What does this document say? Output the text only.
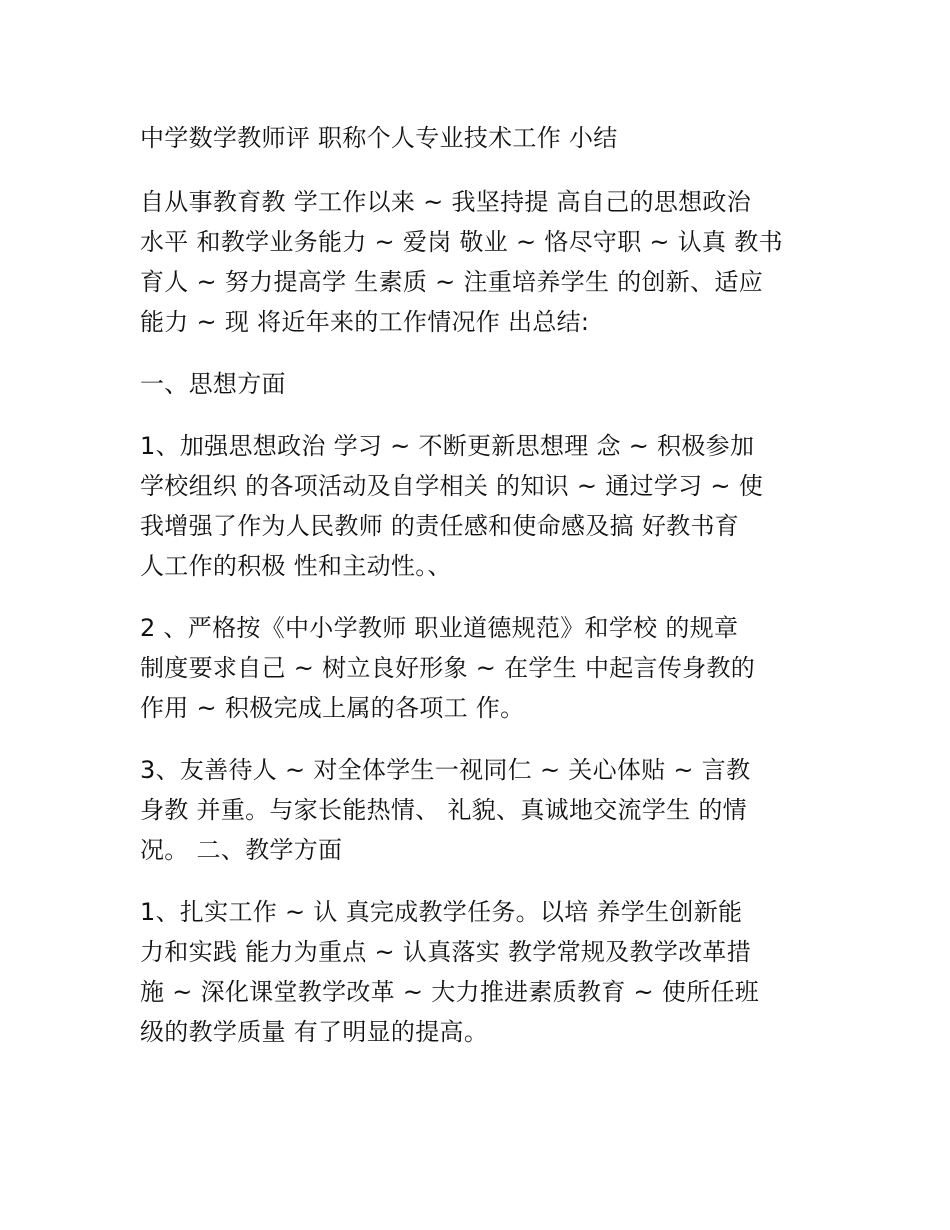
中学数学教师评 职称个人专业技术工作 小结
自从事教育教 学工作以来 ~ 我坚持提 高自己的思想政治
水平 和教学业务能力 ~ 爱岗 敬业 ~ 恪尽守职 ~ 认真 教书
育人 ~ 努力提高学 生素质 ~ 注重培养学生 的创新、适应
能力 ~ 现 将近年来的工作情况作 出总结:
一、思想方面
1、加强思想政治 学习 ~ 不断更新思想理 念 ~ 积极参加
学校组织 的各项活动及自学相关 的知识 ~ 通过学习 ~ 使
我增强了作为人民教师 的责任感和使命感及搞 好教书育
人工作的积极 性和主动性。、
2 、严格按《中小学教师 职业道德规范》和学校 的规章
制度要求自己 ~ 树立良好形象 ~ 在学生 中起言传身教的
作用 ~ 积极完成上属的各项工 作。
3、友善待人 ~ 对全体学生一视同仁 ~ 关心体贴 ~ 言教
身教 并重。与家长能热情、 礼貌、真诚地交流学生 的情
况。 二、教学方面
1、扎实工作 ~ 认 真完成教学任务。以培 养学生创新能
力和实践 能力为重点 ~ 认真落实 教学常规及教学改革措
施 ~ 深化课堂教学改革 ~ 大力推进素质教育 ~ 使所任班
级的教学质量 有了明显的提高。
